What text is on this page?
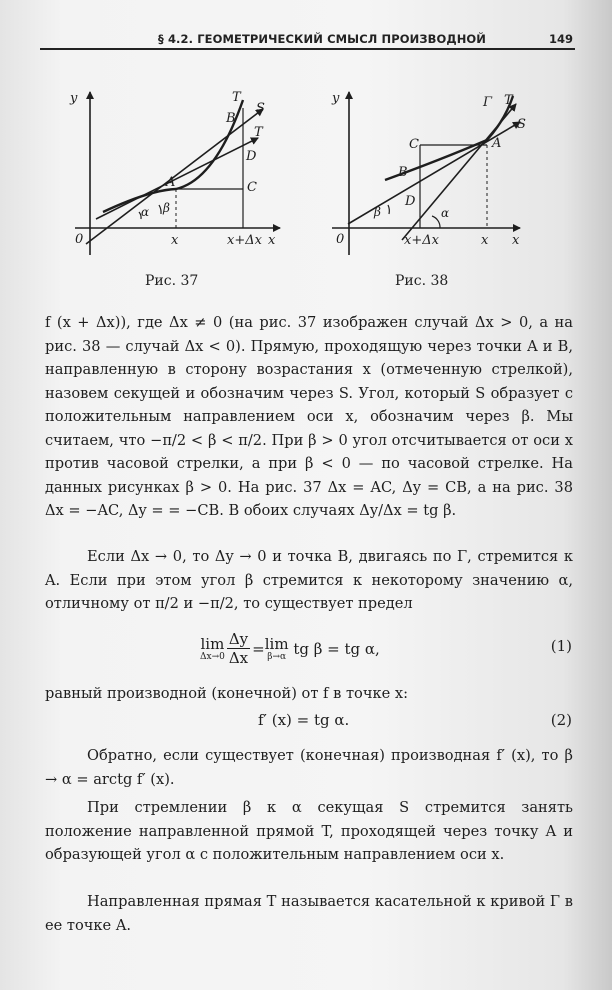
§ 4.2. ГЕОМЕТРИЧЕСКИЙ СМЫСЛ ПРОИЗВОДНОЙ	149
y	T
B
S
T
D
A	C
α β
0	x	x+Δx x
y	Γ T
S
C	A
B
D
α
β
0	x+Δx	x x
Рис. 37	Рис. 38
f (x + Δx)), где Δx ≠ 0 (на рис. 37 изображен случай Δx > 0, а на рис. 38 — случай Δx < 0). Прямую, проходящую через точки A и B, направленную в сторону возрастания x (отмеченную стрелкой), назовем секущей и обозначим через S. Угол, который S образует с положительным направлением оси x, обозначим через β. Мы считаем, что −π/2 < β < π/2. При β > 0 угол отсчитывается от оси x против часовой стрелки, а при β < 0 — по часовой стрелке. На данных рисунках β > 0. На рис. 37 Δx = AC, Δy = CB, а на рис. 38 Δx = −AC, Δy = = −CB. В обоих случаях Δy/Δx = tg β.
Если Δx → 0, то Δy → 0 и точка B, двигаясь по Γ, стремится к A. Если при этом угол β стремится к некоторому значению α, отличному от π/2 и −π/2, то существует предел
lim
$\Delta x\to 0 \frac{\Delta y}{\Delta x} =\lim$
β→α tg β = tg α,	(1)
равный производной (конечной) от f в точке x:
f′ (x) = tg α.	(2)
Обратно, если существует (конечная) производная f′ (x), то β → α = arctg f′ (x).
При стремлении β к α секущая S стремится занять положение направленной прямой T, проходящей через точку A и образующей угол α с положительным направлением оси x.
Направленная прямая T называется касательной к кривой Γ в ее точке A.
